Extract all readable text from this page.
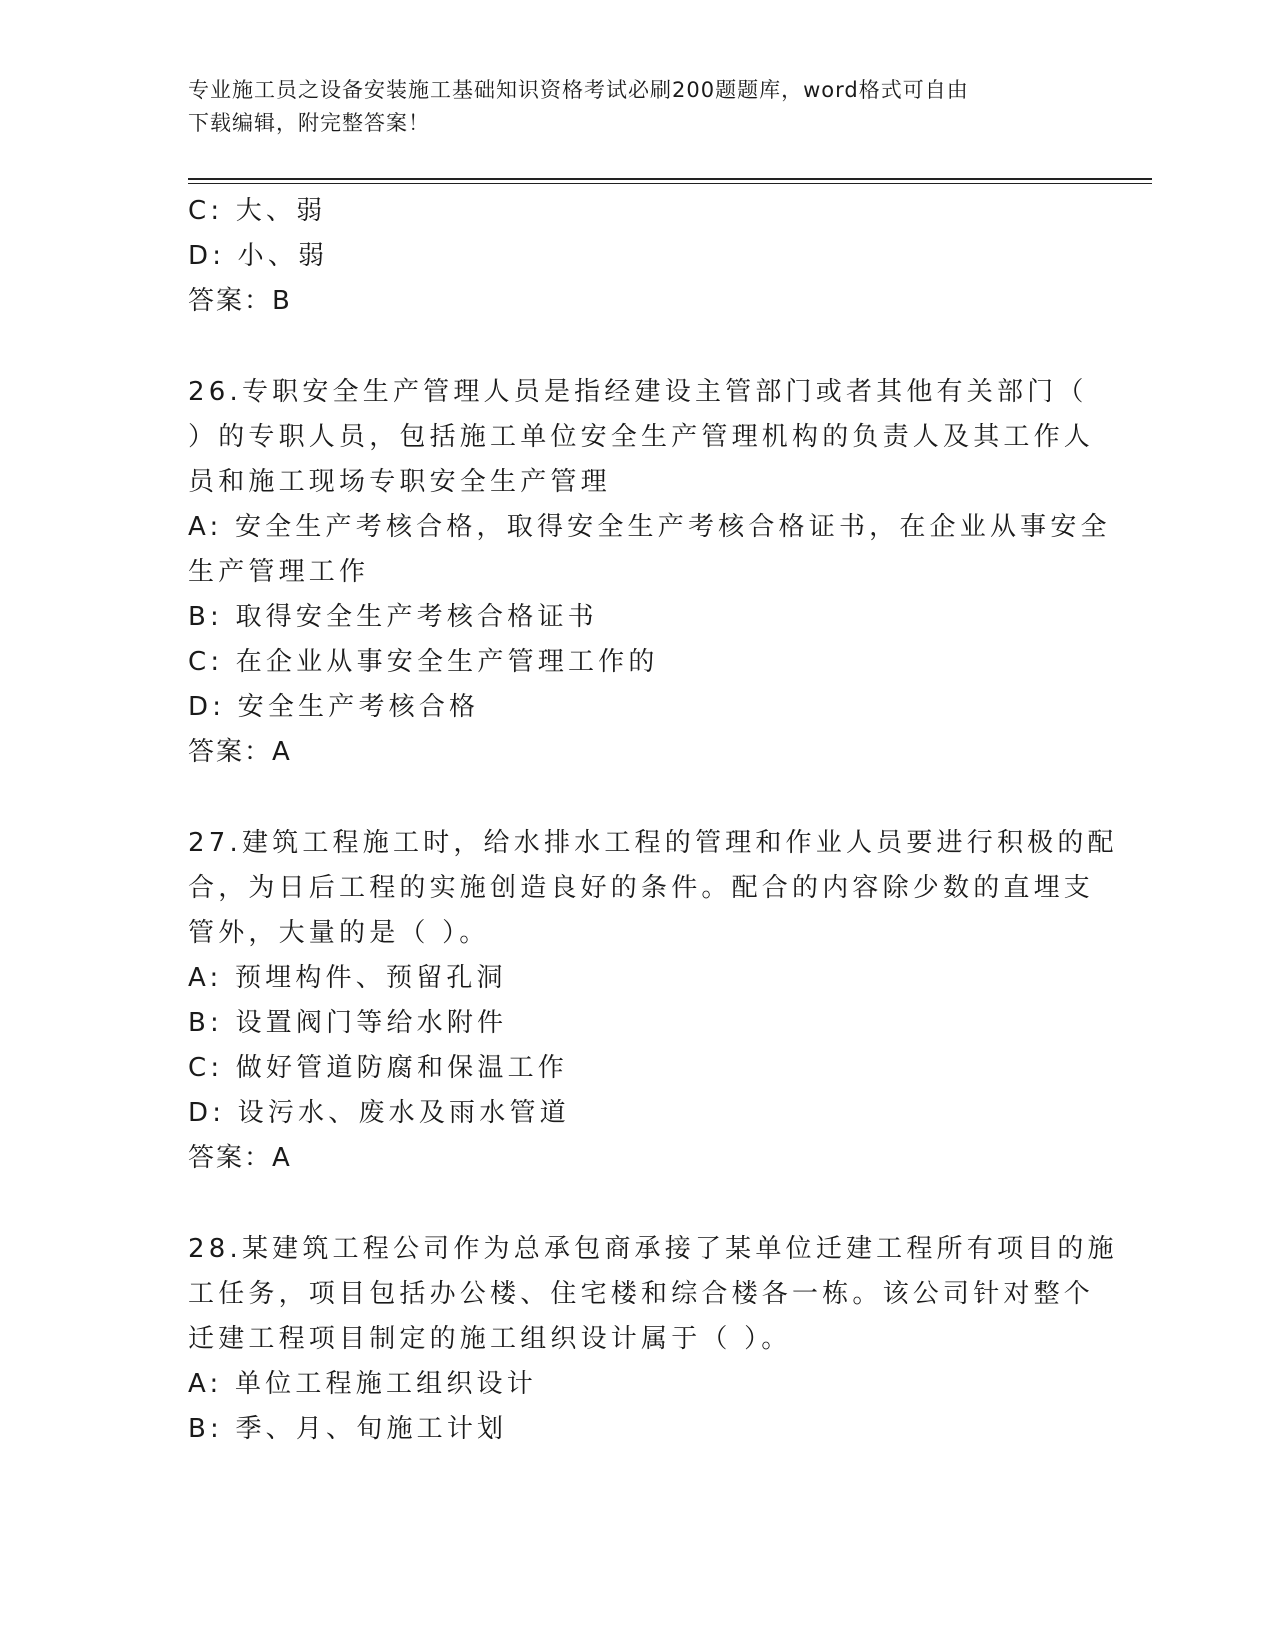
专业施工员之设备安装施工基础知识资格考试必刷200题题库，word格式可自由
下载编辑，附完整答案！
C: 大、弱
D: 小、弱
答案：B
26.专职安全生产管理人员是指经建设主管部门或者其他有关部门（
）的专职人员，包括施工单位安全生产管理机构的负责人及其工作人
员和施工现场专职安全生产管理
A: 安全生产考核合格，取得安全生产考核合格证书，在企业从事安全
生产管理工作
B: 取得安全生产考核合格证书
C: 在企业从事安全生产管理工作的
D: 安全生产考核合格
答案：A
27.建筑工程施工时，给水排水工程的管理和作业人员要进行积极的配
合，为日后工程的实施创造良好的条件。配合的内容除少数的直埋支
管外，大量的是（ ）。
A: 预埋构件、预留孔洞
B: 设置阀门等给水附件
C: 做好管道防腐和保温工作
D: 设污水、废水及雨水管道
答案：A
28.某建筑工程公司作为总承包商承接了某单位迁建工程所有项目的施
工任务，项目包括办公楼、住宅楼和综合楼各一栋。该公司针对整个
迁建工程项目制定的施工组织设计属于（ ）。
A: 单位工程施工组织设计
B: 季、月、旬施工计划
